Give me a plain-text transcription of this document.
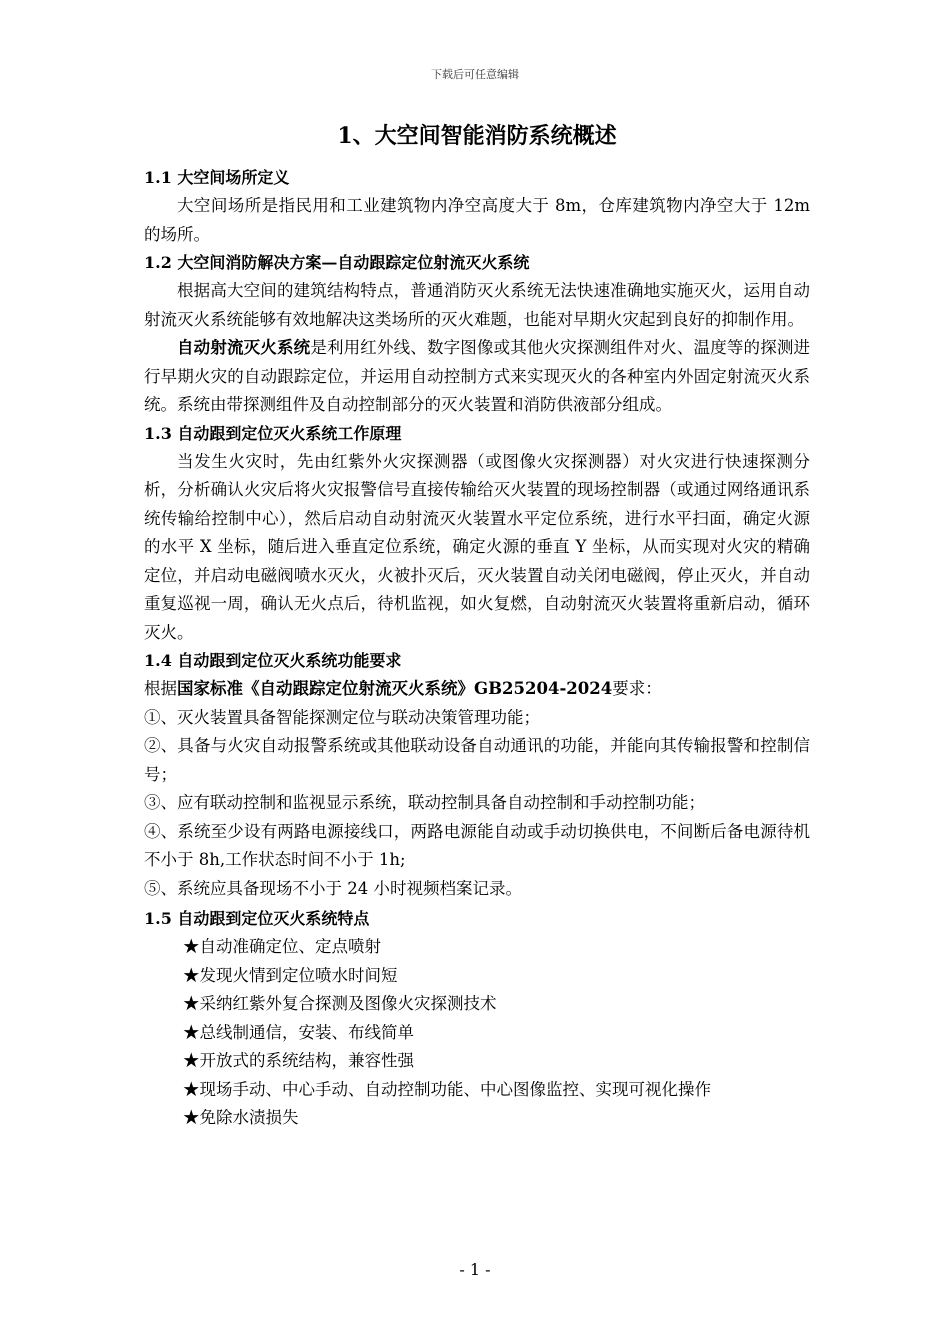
下载后可任意编辑
1、大空间智能消防系统概述

1.1 大空间场所定义

大空间场所是指民用和工业建筑物内净空高度大于 8m，仓库建筑物内净空大于 12m 的场所。

1.2 大空间消防解决方案—自动跟踪定位射流灭火系统

根据高大空间的建筑结构特点，普通消防灭火系统无法快速准确地实施灭火，运用自动射流灭火系统能够有效地解决这类场所的灭火难题，也能对早期火灾起到良好的抑制作用。

自动射流灭火系统是利用红外线、数字图像或其他火灾探测组件对火、温度等的探测进行早期火灾的自动跟踪定位，并运用自动控制方式来实现灭火的各种室内外固定射流灭火系统。系统由带探测组件及自动控制部分的灭火装置和消防供液部分组成。

1.3 自动跟到定位灭火系统工作原理

当发生火灾时，先由红紫外火灾探测器（或图像火灾探测器）对火灾进行快速探测分析，分析确认火灾后将火灾报警信号直接传输给灭火装置的现场控制器（或通过网络通讯系统传输给控制中心），然后启动自动射流灭火装置水平定位系统，进行水平扫面，确定火源的水平 X 坐标，随后进入垂直定位系统，确定火源的垂直 Y 坐标，从而实现对火灾的精确定位，并启动电磁阀喷水灭火，火被扑灭后，灭火装置自动关闭电磁阀，停止灭火，并自动重复巡视一周，确认无火点后，待机监视，如火复燃，自动射流灭火装置将重新启动，循环灭火。

1.4 自动跟到定位灭火系统功能要求

根据国家标准《自动跟踪定位射流灭火系统》GB25204-2024要求：

①、灭火装置具备智能探测定位与联动决策管理功能；

②、具备与火灾自动报警系统或其他联动设备自动通讯的功能，并能向其传输报警和控制信号；

③、应有联动控制和监视显示系统，联动控制具备自动控制和手动控制功能；

④、系统至少设有两路电源接线口，两路电源能自动或手动切换供电，不间断后备电源待机不小于 8h,工作状态时间不小于 1h;

⑤、系统应具备现场不小于 24 小时视频档案记录。

1.5 自动跟到定位灭火系统特点

★自动准确定位、定点喷射

★发现火情到定位喷水时间短

★采纳红紫外复合探测及图像火灾探测技术

★总线制通信，安装、布线简单

★开放式的系统结构，兼容性强

★现场手动、中心手动、自动控制功能、中心图像监控、实现可视化操作

★免除水渍损失

- 1 -
